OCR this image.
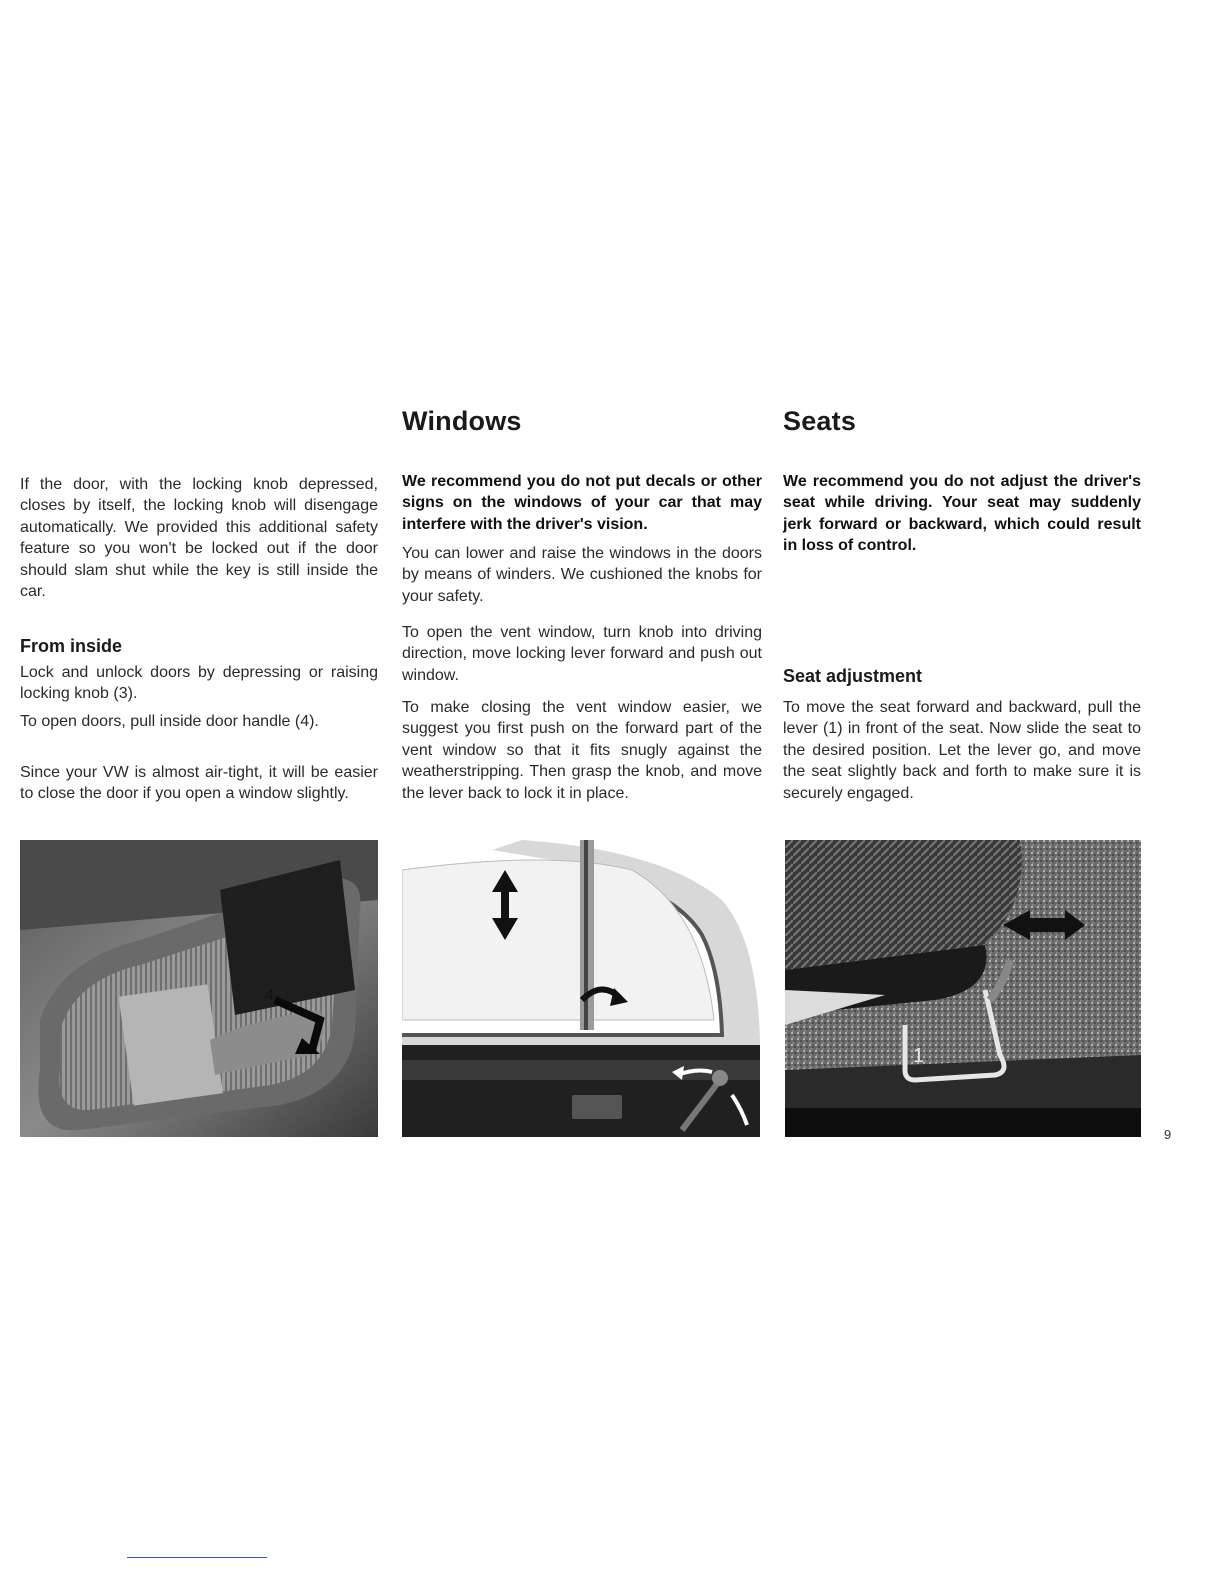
If the door, with the locking knob depressed, closes by itself, the locking knob will disengage automatically. We provided this additional safety feature so you won't be locked out if the door should slam shut while the key is still inside the car.

From inside

Lock and unlock doors by depressing or raising locking knob (3).

To open doors, pull inside door handle (4).

Since your VW is almost air-tight, it will be easier to close the door if you open a window slightly.

4
Windows

We recommend you do not put decals or other signs on the windows of your car that may interfere with the driver's vision.

You can lower and raise the windows in the doors by means of winders. We cushioned the knobs for your safety.

To open the vent window, turn knob into driving direction, move locking lever forward and push out window.

To make closing the vent window easier, we suggest you first push on the forward part of the vent window so that it fits snugly against the weatherstripping. Then grasp the knob, and move the lever back to lock it in place.

Seats

We recommend you do not adjust the driver's seat while driving. Your seat may suddenly jerk forward or backward, which could result in loss of control.

Seat adjustment

To move the seat forward and backward, pull the lever (1) in front of the seat. Now slide the seat to the desired position. Let the lever go, and move the seat slightly back and forth to make sure it is securely engaged.

1
9
